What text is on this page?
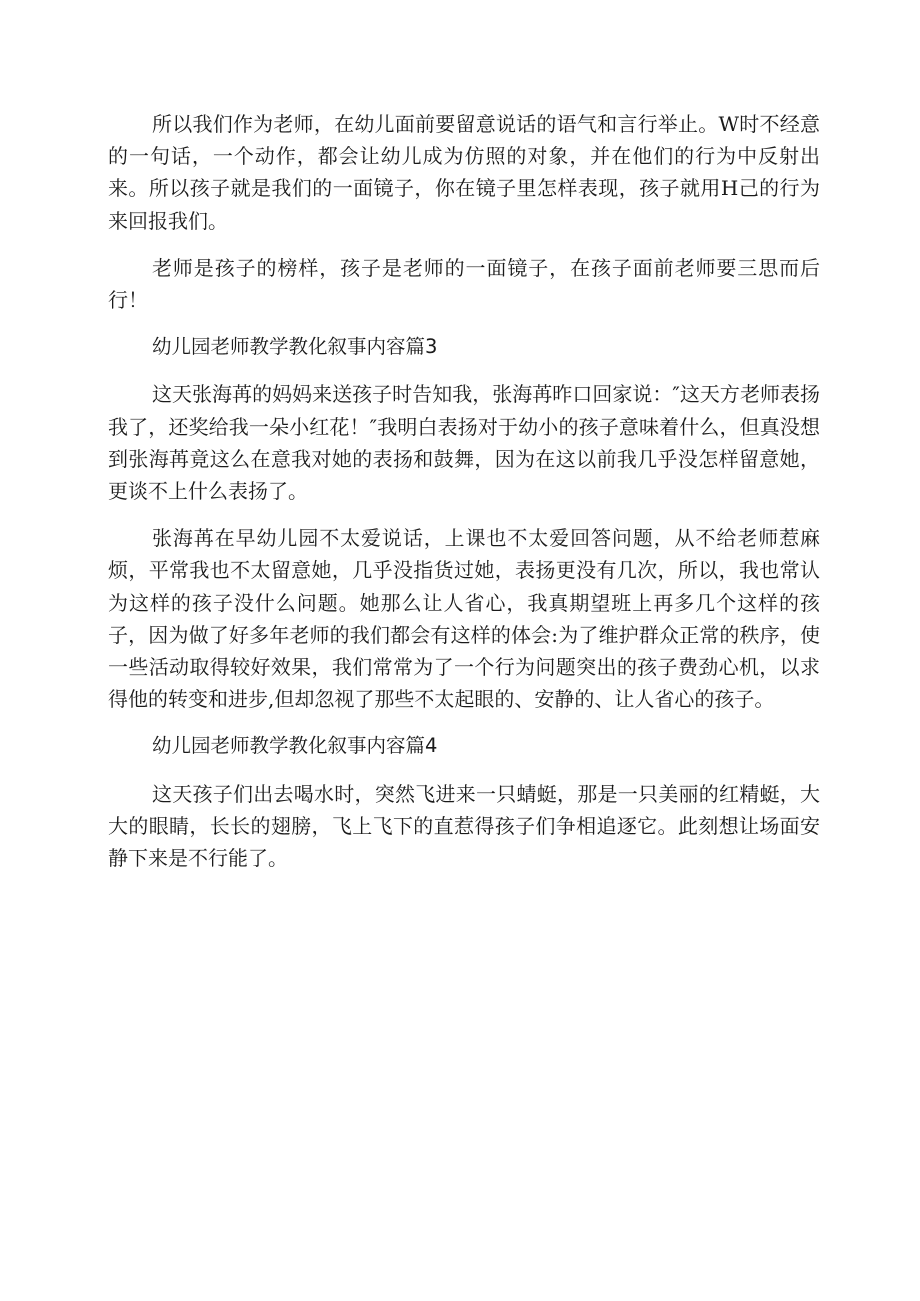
所以我们作为老师，在幼儿面前要留意说话的语气和言行举止。W时不经意的一句话，一个动作，都会让幼儿成为仿照的对象，并在他们的行为中反射出来。所以孩子就是我们的一面镜子，你在镜子里怎样表现，孩子就用H己的行为来回报我们。

老师是孩子的榜样，孩子是老师的一面镜子，在孩子面前老师要三思而后行！

幼儿园老师教学教化叙事内容篇3

这天张海苒的妈妈来送孩子时告知我，张海苒昨口回家说：″这天方老师表扬我了，还奖给我一朵小红花！″我明白表扬对于幼小的孩子意味着什么，但真没想到张海苒竟这么在意我对她的表扬和鼓舞，因为在这以前我几乎没怎样留意她，更谈不上什么表扬了。

张海苒在早幼儿园不太爱说话，上课也不太爱回答问题，从不给老师惹麻烦，平常我也不太留意她，几乎没指货过她，表扬更没有几次，所以，我也常认为这样的孩子没什么问题。她那么让人省心，我真期望班上再多几个这样的孩子，因为做了好多年老师的我们都会有这样的体会:为了维护群众正常的秩序，使一些活动取得较好效果，我们常常为了一个行为问题突出的孩子费劲心机，以求得他的转变和进步,但却忽视了那些不太起眼的、安静的、让人省心的孩子。

幼儿园老师教学教化叙事内容篇4

这天孩子们出去喝水时，突然飞进来一只蜻蜓，那是一只美丽的红精蜓，大大的眼睛，长长的翅膀，飞上飞下的直惹得孩子们争相追逐它。此刻想让场面安静下来是不行能了。
